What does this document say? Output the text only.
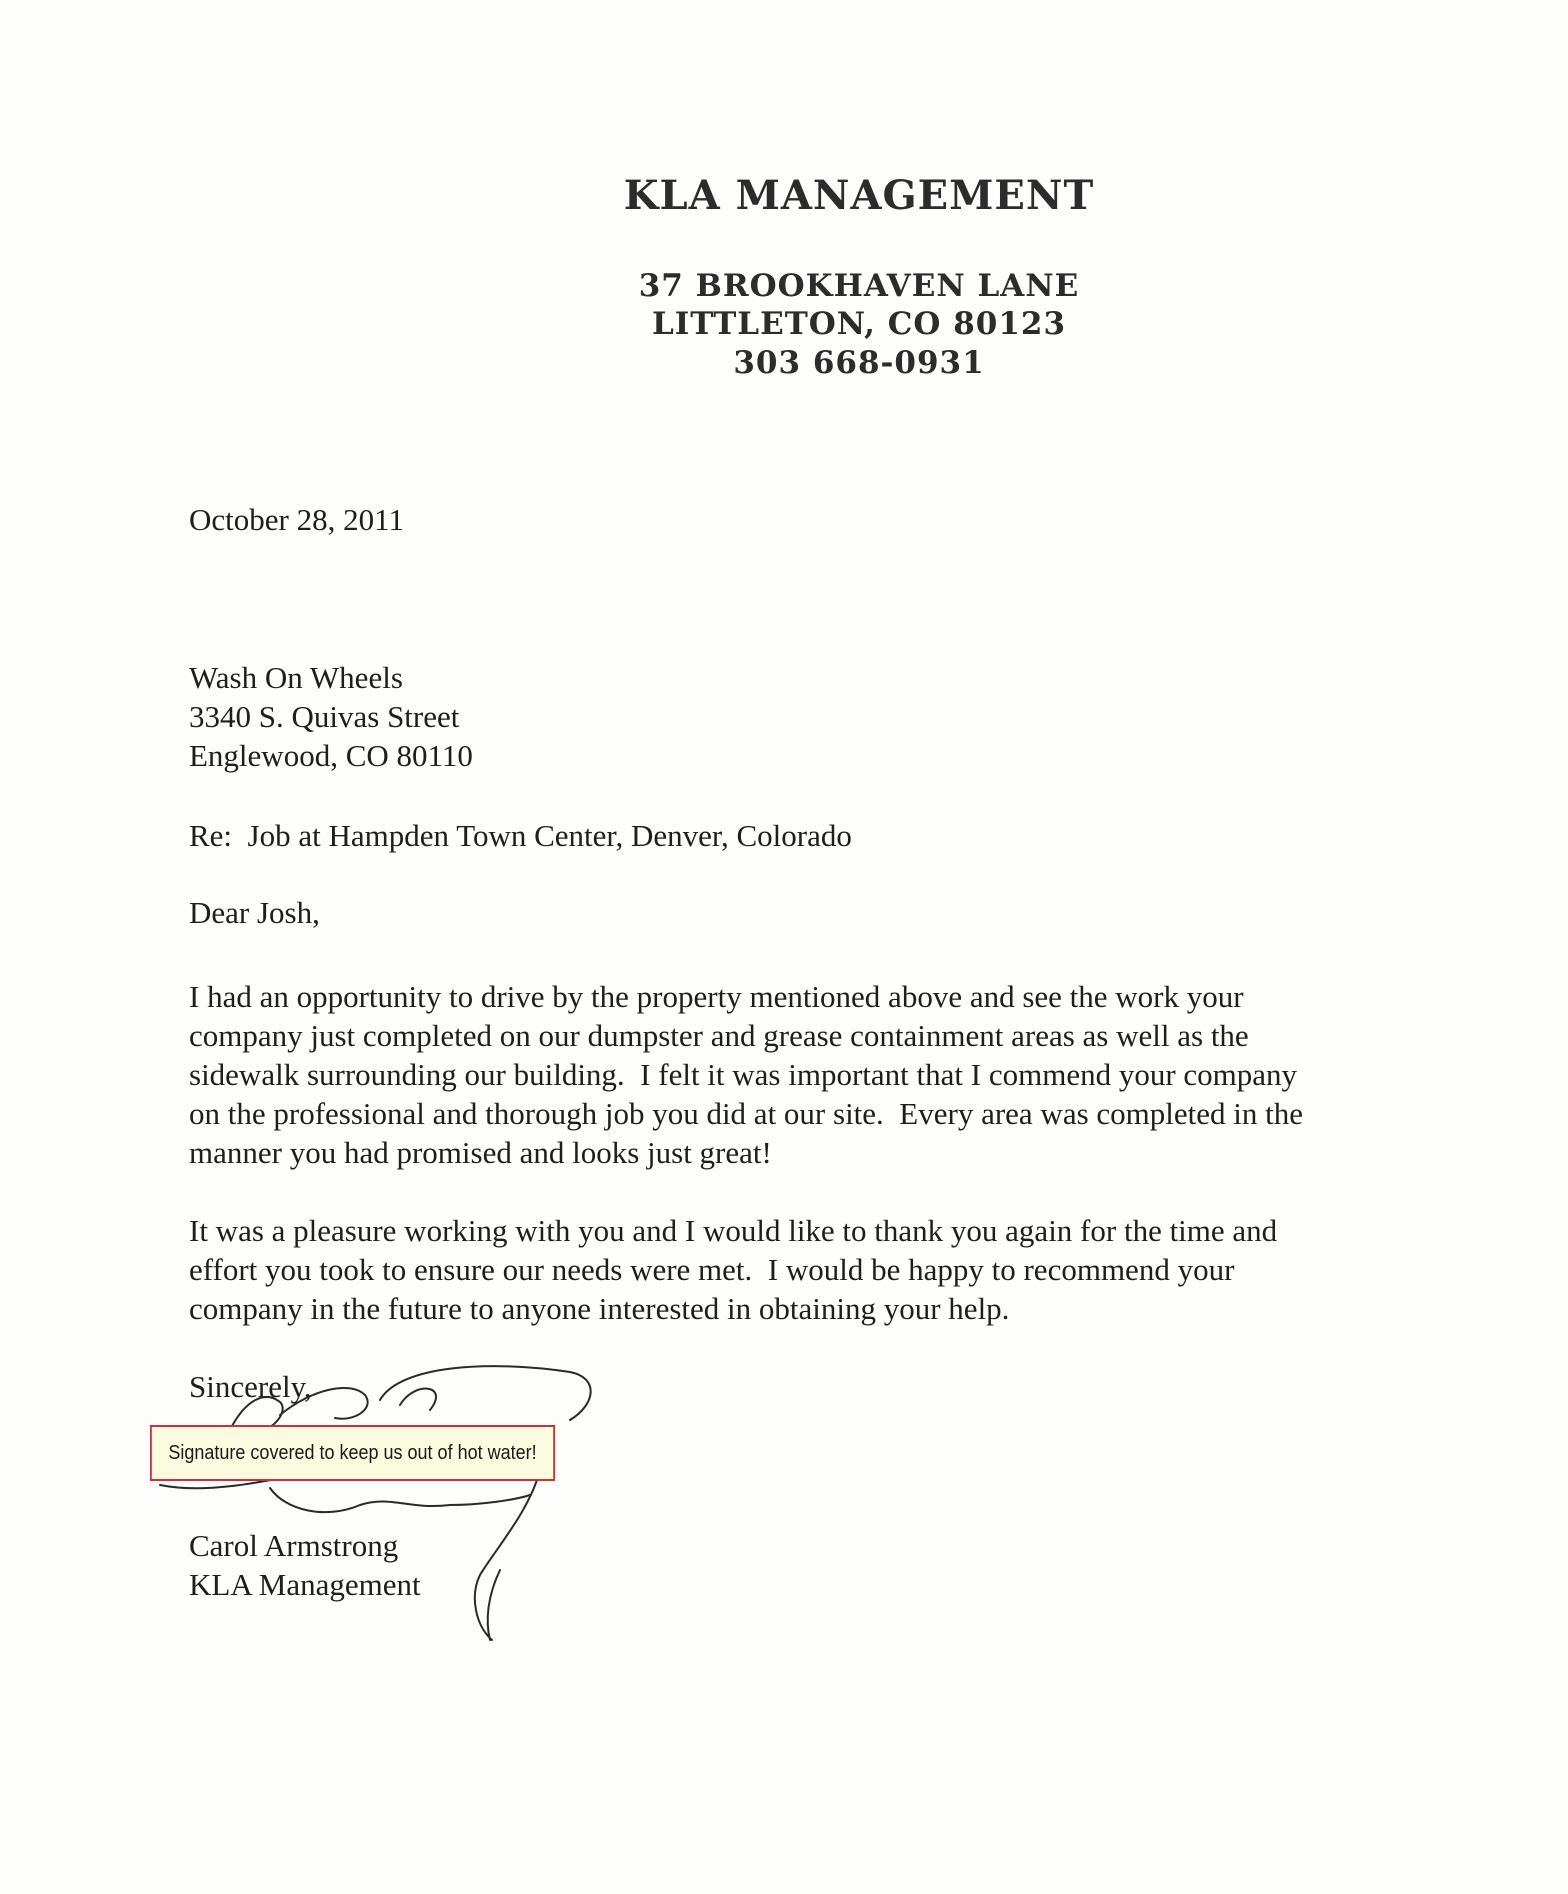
KLA MANAGEMENT
37 BROOKHAVEN LANE
LITTLETON, CO 80123
303 668-0931
October 28, 2011
Wash On Wheels
3340 S. Quivas Street
Englewood, CO 80110
Re:  Job at Hampden Town Center, Denver, Colorado
Dear Josh,
I had an opportunity to drive by the property mentioned above and see the work your
company just completed on our dumpster and grease containment areas as well as the
sidewalk surrounding our building.  I felt it was important that I commend your company
on the professional and thorough job you did at our site.  Every area was completed in the
manner you had promised and looks just great!
It was a pleasure working with you and I would like to thank you again for the time and
effort you took to ensure our needs were met.  I would be happy to recommend your
company in the future to anyone interested in obtaining your help.
Sincerely,
Signature covered to keep us out of hot water!
Carol Armstrong
KLA Management
